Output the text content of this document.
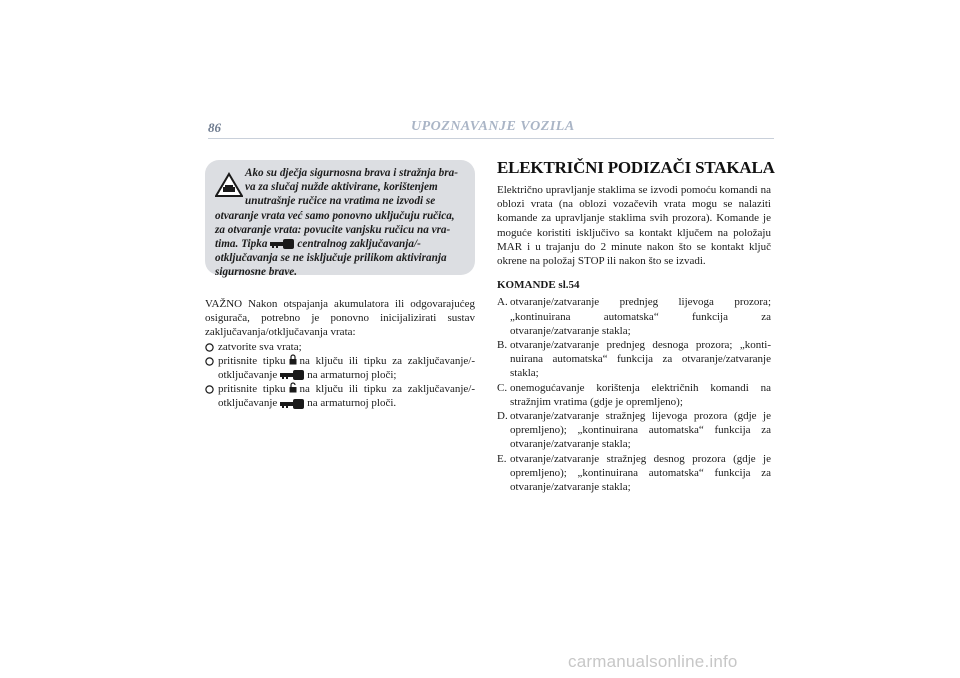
86	UPOZNAVANJE VOZILA
Ako su dječja sigurnosna brava i stražnja bra-
va za slučaj nužde aktivirane, korištenjem
unutrašnje ručice na vratima ne izvodi se
otvaranje vrata već samo ponovno uključuju ručica,
za otvaranje vrata: povucite vanjsku ručicu na vra-
tima. Tipka	centralnog zaključavanja/-
otključavanja se ne isključuje prilikom aktiviranja
sigurnosne brave.

VAŽNO Nakon otspajanja akumulatora ili odgovarajućeg osigurača, potrebno je ponovno inicijalizirati sustav zaključavanja/otključavanja vrata:

zatvorite sva vrata;
pritisnite tipku na ključu ili tipku za zaključavanje/-otključavanje	na armaturnoj ploči;
pritisnite tipku na ključu ili tipku za zaključavanje/-otključavanje	na armaturnoj ploči.
ELEKTRIČNI PODIZAČI STAKALA

Električno upravljanje staklima se izvodi pomoću komandi na oblozi vrata (na oblozi vozačevih vrata mogu se nalaziti komande za upravljanje staklima svih prozora). Komande je moguće koristiti isključivo sa kontakt ključem na položaju MAR i u trajanju do 2 minute nakon što se kontakt ključ okrene na položaj STOP ili nakon što se izvadi.

KOMANDE sl.54

A. otvaranje/zatvaranje prednjeg lijevoga prozora; „kontinuirana automatska“ funkcija za otvaranje/zatvaranje stakla;
B. otvaranje/zatvaranje prednjeg desnoga prozora; „konti-nuirana automatska“ funkcija za otvaranje/zatvaranje stakla;
C. onemogućavanje korištenja električnih komandi na stražnjim vratima (gdje je opremljeno);
D. otvaranje/zatvaranje stražnjeg lijevoga prozora (gdje je opremljeno); „kontinuirana automatska“ funkcija za otvaranje/zatvaranje stakla;
E. otvaranje/zatvaranje stražnjeg desnog prozora (gdje je opremljeno); „kontinuirana automatska“ funkcija za otvaranje/zatvaranje stakla;
carmanualsonline.info
